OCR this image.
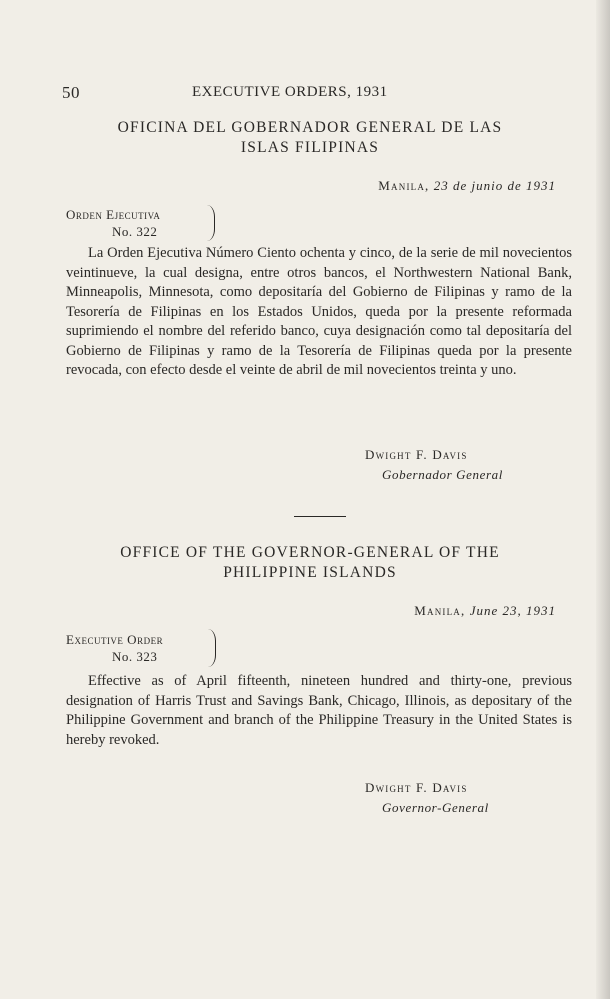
50	EXECUTIVE ORDERS, 1931
OFICINA DEL GOBERNADOR GENERAL DE LAS
ISLAS FILIPINAS
Manila, 23 de junio de 1931
Orden Ejecutiva
No. 322

La Orden Ejecutiva Número Ciento ochenta y cinco, de la serie de mil novecientos veintinueve, la cual designa, entre otros bancos, el Northwestern National Bank, Minneapolis, Minnesota, como depositaría del Gobierno de Filipinas y ramo de la Tesorería de Filipinas en los Estados Unidos, queda por la presente reformada suprimiendo el nombre del referido banco, cuya designación como tal depositaría del Gobierno de Filipinas y ramo de la Tesorería de Filipinas queda por la presente revocada, con efecto desde el veinte de abril de mil novecientos treinta y uno.

Dwight F. Davis
Gobernador General
OFFICE OF THE GOVERNOR-GENERAL OF THE
PHILIPPINE ISLANDS
Manila, June 23, 1931
Executive Order
No. 323

Effective as of April fifteenth, nineteen hundred and thirty-one, previous designation of Harris Trust and Savings Bank, Chicago, Illinois, as depositary of the Philippine Government and branch of the Philippine Treasury in the United States is hereby revoked.

Dwight F. Davis
Governor-General
